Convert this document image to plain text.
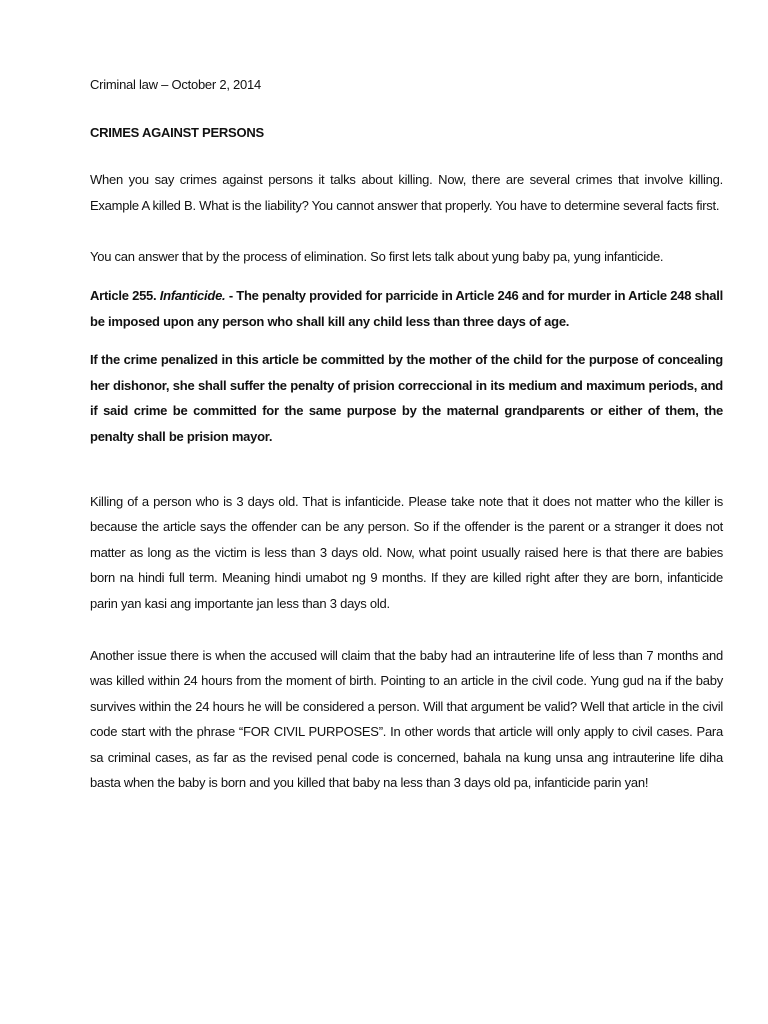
Criminal law – October 2, 2014

CRIMES AGAINST PERSONS

When you say crimes against persons it talks about killing. Now, there are several crimes that involve killing. Example A killed B. What is the liability? You cannot answer that properly. You have to determine several facts first.

You can answer that by the process of elimination. So first lets talk about yung baby pa, yung infanticide.

Article 255. Infanticide. - The penalty provided for parricide in Article 246 and for murder in Article 248 shall be imposed upon any person who shall kill any child less than three days of age.

If the crime penalized in this article be committed by the mother of the child for the purpose of concealing her dishonor, she shall suffer the penalty of prision correccional in its medium and maximum periods, and if said crime be committed for the same purpose by the maternal grandparents or either of them, the penalty shall be prision mayor.

Killing of a person who is 3 days old. That is infanticide. Please take note that it does not matter who the killer is because the article says the offender can be any person. So if the offender is the parent or a stranger it does not matter as long as the victim is less than 3 days old. Now, what point usually raised here is that there are babies born na hindi full term. Meaning hindi umabot ng 9 months. If they are killed right after they are born, infanticide parin yan kasi ang importante jan less than 3 days old.

Another issue there is when the accused will claim that the baby had an intrauterine life of less than 7 months and was killed within 24 hours from the moment of birth. Pointing to an article in the civil code. Yung gud na if the baby survives within the 24 hours he will be considered a person. Will that argument be valid? Well that article in the civil code start with the phrase “FOR CIVIL PURPOSES”. In other words that article will only apply to civil cases. Para sa criminal cases, as far as the revised penal code is concerned, bahala na kung unsa ang intrauterine life diha basta when the baby is born and you killed that baby na less than 3 days old pa, infanticide parin yan!
